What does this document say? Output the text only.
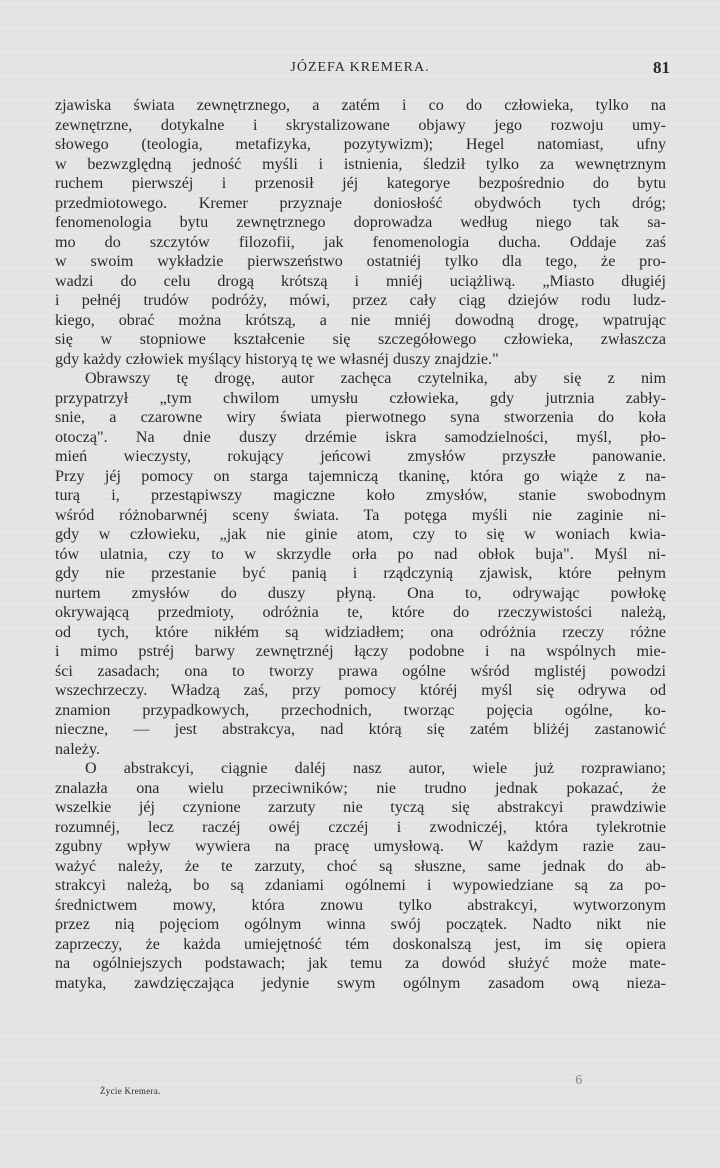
JÓZEFA KREMERA.	81
zjawiska świata zewnętrznego, a zatém i co do człowieka, tylko na
zewnętrzne, dotykalne i skrystalizowane objawy jego rozwoju umy-
słowego (teologia, metafizyka, pozytywizm); Hegel natomiast, ufny
w bezwzględną jedność myśli i istnienia, śledził tylko za wewnętrznym
ruchem pierwszéj i przenosił jéj kategorye bezpośrednio do bytu
przedmiotowego. Kremer przyznaje doniosłość obydwóch tych dróg;
fenomenologia bytu zewnętrznego doprowadza według niego tak sa-
mo do szczytów filozofii, jak fenomenologia ducha. Oddaje zaś
w swoim wykładzie pierwszeństwo ostatniéj tylko dla tego, że pro-
wadzi do celu drogą krótszą i mniéj uciążliwą. „Miasto długiéj
i pełnéj trudów podróży, mówi, przez cały ciąg dziejów rodu ludz-
kiego, obrać można krótszą, a nie mniéj dowodną drogę, wpatrując
się w stopniowe kształcenie się szczegółowego człowieka, zwłaszcza
gdy każdy człowiek myślący historyą tę we własnéj duszy znajdzie."
Obrawszy tę drogę, autor zachęca czytelnika, aby się z nim
przypatrzył „tym chwilom umysłu człowieka, gdy jutrznia zabły-
snie, a czarowne wiry świata pierwotnego syna stworzenia do koła
otoczą". Na dnie duszy drzémie iskra samodzielności, myśl, pło-
mień wieczysty, rokujący jeńcowi zmysłów przyszłe panowanie.
Przy jéj pomocy on starga tajemniczą tkaninę, która go wiąże z na-
turą i, przestąpiwszy magiczne koło zmysłów, stanie swobodnym
wśród różnobarwnéj sceny świata. Ta potęga myśli nie zaginie ni-
gdy w człowieku, „jak nie ginie atom, czy to się w woniach kwia-
tów ulatnia, czy to w skrzydle orła po nad obłok buja". Myśl ni-
gdy nie przestanie być panią i rządczynią zjawisk, które pełnym
nurtem zmysłów do duszy płyną. Ona to, odrywając powłokę
okrywającą przedmioty, odróżnia te, które do rzeczywistości należą,
od tych, które nikłém są widziadłem; ona odróżnia rzeczy różne
i mimo pstréj barwy zewnętrznéj łączy podobne i na wspólnych mie-
ści zasadach; ona to tworzy prawa ogólne wśród mglistéj powodzi
wszechrzeczy. Władzą zaś, przy pomocy któréj myśl się odrywa od
znamion przypadkowych, przechodnich, tworząc pojęcia ogólne, ko-
nieczne, — jest abstrakcya, nad którą się zatém bliżéj zastanowić
należy.
O abstrakcyi, ciągnie daléj nasz autor, wiele już rozprawiano;
znalazła ona wielu przeciwników; nie trudno jednak pokazać, że
wszelkie jéj czynione zarzuty nie tyczą się abstrakcyi prawdziwie
rozumnéj, lecz raczéj owéj czczéj i zwodniczéj, która tylekrotnie
zgubny wpływ wywiera na pracę umysłową. W każdym razie zau-
ważyć należy, że te zarzuty, choć są słuszne, same jednak do ab-
strakcyi należą, bo są zdaniami ogólnemi i wypowiedziane są za po-
średnictwem mowy, która znowu tylko abstrakcyi, wytworzonym
przez nią pojęciom ogólnym winna swój początek. Nadto nikt nie
zaprzeczy, że każda umiejętność tém doskonalszą jest, im się opiera
na ogólniejszych podstawach; jak temu za dowód służyć może mate-
matyka, zawdzięczająca jedynie swym ogólnym zasadom ową nieza-
Życie Kremera.
6
